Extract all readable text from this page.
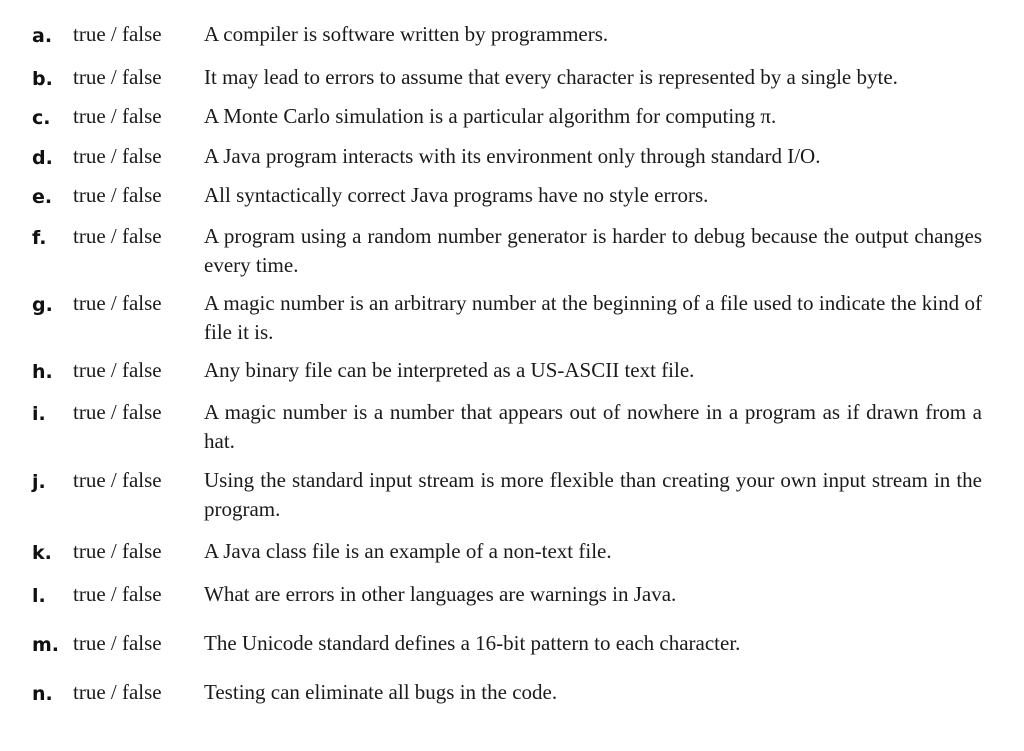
a. true / false A compiler is software written by programmers.
b. true / false It may lead to errors to assume that every character is represented by a single byte.
c.	true / false A Monte Carlo simulation is a particular algorithm for computing π.
d. true / false A Java program interacts with its environment only through standard I/O.
e. true / false All syntactically correct Java programs have no style errors.
f.	true / false A program using a random number generator is harder to debug because the output changes every time.
g. true / false A magic number is an arbitrary number at the beginning of a file used to indicate the kind of file it is.
h. true / false Any binary file can be interpreted as a US-ASCII text file.
i.	true / false A magic number is a number that appears out of nowhere in a program as if drawn from a hat.
j.	true / false Using the standard input stream is more flexible than creating your own input stream in the program.
k.	true / false A Java class file is an example of a non-text file.
l.	true / false What are errors in other languages are warnings in Java.
m. true / false The Unicode standard defines a 16-bit pattern to each character.
n. true / false Testing can eliminate all bugs in the code.
